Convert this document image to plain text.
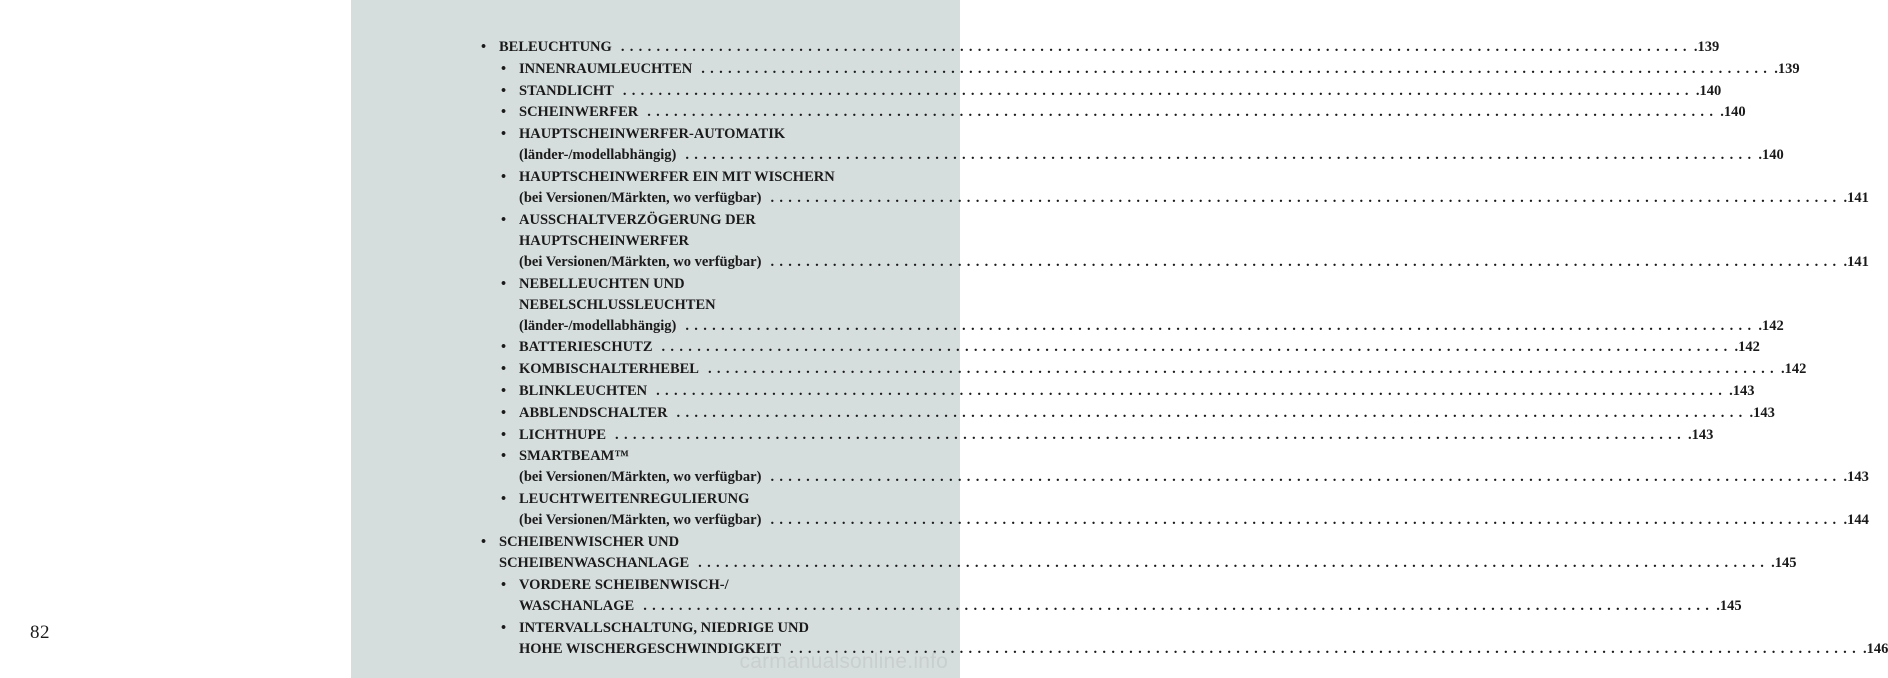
82
• BELEUCHTUNG ........................................................................................................................ .139
• INNENRAUMLEUCHTEN ........................................................................................................................ .139
• STANDLICHT ........................................................................................................................ .140
• SCHEINWERFER ........................................................................................................................ .140
• HAUPTSCHEINWERFER-AUTOMATIK
(länder-/modellabhängig) ........................................................................................................................ .140
• HAUPTSCHEINWERFER EIN MIT WISCHERN
(bei Versionen/Märkten, wo verfügbar) ........................................................................................................................ .141
• AUSSCHALTVERZÖGERUNG DER
HAUPTSCHEINWERFER
(bei Versionen/Märkten, wo verfügbar) ........................................................................................................................ .141
• NEBELLEUCHTEN UND
NEBELSCHLUSSLEUCHTEN
(länder-/modellabhängig) ........................................................................................................................ .142
• BATTERIESCHUTZ ........................................................................................................................ .142
• KOMBISCHALTERHEBEL ........................................................................................................................ .142
• BLINKLEUCHTEN ........................................................................................................................ .143
• ABBLENDSCHALTER ........................................................................................................................ .143
• LICHTHUPE ........................................................................................................................ .143
• SMARTBEAM™
(bei Versionen/Märkten, wo verfügbar) ........................................................................................................................ .143
• LEUCHTWEITENREGULIERUNG
(bei Versionen/Märkten, wo verfügbar) ........................................................................................................................ .144
• SCHEIBENWISCHER UND
SCHEIBENWASCHANLAGE ........................................................................................................................ .145
• VORDERE SCHEIBENWISCH-/
WASCHANLAGE ........................................................................................................................ .145
• INTERVALLSCHALTUNG, NIEDRIGE UND
HOHE WISCHERGESCHWINDIGKEIT ........................................................................................................................ .146
carmanualsonline.info
